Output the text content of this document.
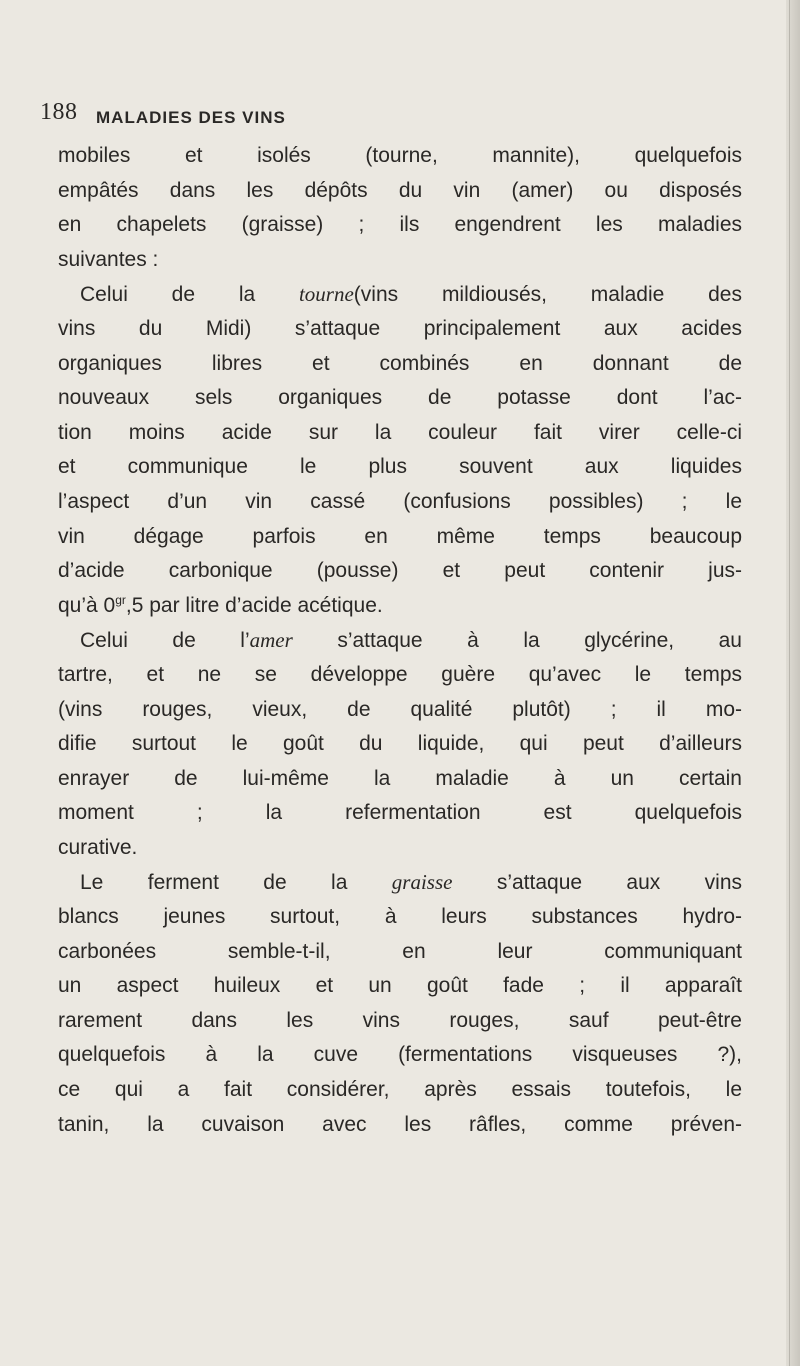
188 MALADIES DES VINS
mobiles et isolés (tourne, mannite), quelquefois
empâtés dans les dépôts du vin (amer) ou disposés
en chapelets (graisse) ; ils engendrent les maladies
suivantes :
Celui de la tourne(vins mildiousés, maladie des
vins du Midi) s’attaque principalement aux acides
organiques libres et combinés en donnant de
nouveaux sels organiques de potasse dont l’ac-
tion moins acide sur la couleur fait virer celle-ci
et communique le plus souvent aux liquides
l’aspect d’un vin cassé (confusions possibles) ; le
vin dégage parfois en même temps beaucoup
d’acide carbonique (pousse) et peut contenir jus-
qu’à $0^{gr},5$ par litre d’acide acétique.
Celui de l’amer s’attaque à la glycérine, au
tartre, et ne se développe guère qu’avec le temps
(vins rouges, vieux, de qualité plutôt) ; il mo-
difie surtout le goût du liquide, qui peut d’ailleurs
enrayer de lui-même la maladie à un certain
moment ; la refermentation est quelquefois
curative.
Le ferment de la graisse s’attaque aux vins
blancs jeunes surtout, à leurs substances hydro-
carbonées semble-t-il, en leur communiquant
un aspect huileux et un goût fade ; il apparaît
rarement dans les vins rouges, sauf peut-être
quelquefois à la cuve (fermentations visqueuses ?),
ce qui a fait considérer, après essais toutefois, le
tanin, la cuvaison avec les râfles, comme préven-
